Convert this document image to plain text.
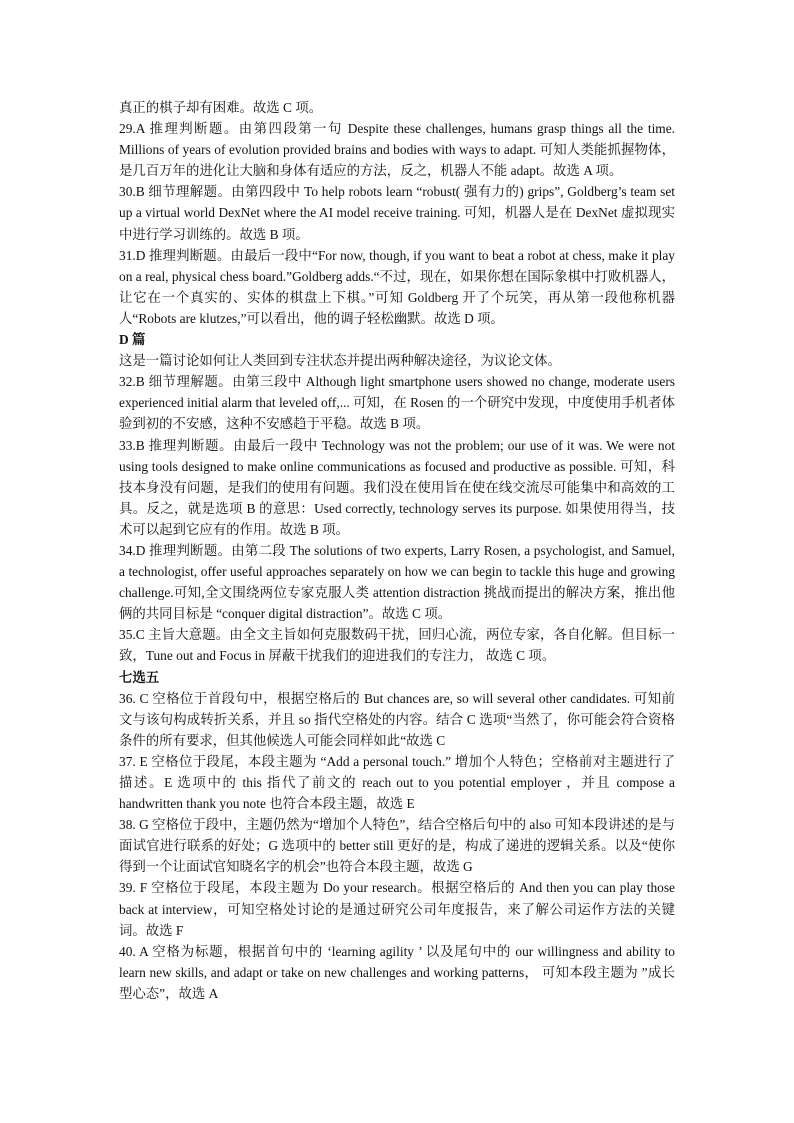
真正的棋子却有困难。故选 C 项。

29.A 推理判断题。由第四段第一句 Despite these challenges, humans grasp things all the time. Millions of years of evolution provided brains and bodies with ways to adapt. 可知人类能抓握物体，是几百万年的进化让大脑和身体有适应的方法，反之，机器人不能 adapt。故选 A 项。

30.B 细节理解题。由第四段中 To help robots learn “robust( 强有力的) grips”, Goldberg’s team set up a virtual world DexNet where the AI model receive training. 可知，机器人是在 DexNet 虚拟现实中进行学习训练的。故选 B 项。

31.D 推理判断题。由最后一段中“For now, though, if you want to beat a robot at chess, make it play on a real, physical chess board.”Goldberg adds.“不过，现在，如果你想在国际象棋中打败机器人，让它在一个真实的、实体的棋盘上下棋。”可知 Goldberg 开了个玩笑，再从第一段他称机器人“Robots are klutzes,”可以看出，他的调子轻松幽默。故选 D 项。

D 篇

这是一篇讨论如何让人类回到专注状态并提出两种解决途径，为议论文体。

32.B 细节理解题。由第三段中 Although light smartphone users showed no change, moderate users experienced initial alarm that leveled off,... 可知，在 Rosen 的一个研究中发现，中度使用手机者体验到初的不安感，这种不安感趋于平稳。故选 B 项。

33.B 推理判断题。由最后一段中 Technology was not the problem; our use of it was. We were not using tools designed to make online communications as focused and productive as possible. 可知，科技本身没有问题，是我们的使用有问题。我们没在使用旨在使在线交流尽可能集中和高效的工具。反之，就是选项 B 的意思：Used correctly, technology serves its purpose. 如果使用得当，技术可以起到它应有的作用。故选 B 项。

34.D 推理判断题。由第二段 The solutions of two experts, Larry Rosen, a psychologist, and Samuel, a technologist, offer useful approaches separately on how we can begin to tackle this huge and growing challenge.可知,全文围绕两位专家克服人类 attention distraction 挑战而提出的解决方案，推出他俩的共同目标是 “conquer digital distraction”。故选 C 项。

35.C 主旨大意题。由全文主旨如何克服数码干扰，回归心流，两位专家，各自化解。但目标一致，Tune out and Focus in 屏蔽干扰我们的迎进我们的专注力， 故选 C 项。

七选五

36. C 空格位于首段句中，根据空格后的 But chances are, so will several other candidates. 可知前文与该句构成转折关系，并且 so 指代空格处的内容。结合 C 选项“当然了，你可能会符合资格条件的所有要求，但其他候选人可能会同样如此“故选 C

37. E 空格位于段尾，本段主题为 “Add a personal touch.” 增加个人特色；空格前对主题进行了描述。E 选项中的 this 指代了前文的 reach out to you potential employer ，并且 compose a handwritten thank you note 也符合本段主题，故选 E

38. G 空格位于段中，主题仍然为“增加个人特色”，结合空格后句中的 also 可知本段讲述的是与面试官进行联系的好处；G 选项中的 better still 更好的是，构成了递进的逻辑关系。以及“使你得到一个让面试官知晓名字的机会”也符合本段主题，故选 G

39. F 空格位于段尾，本段主题为 Do your research。根据空格后的 And then you can play those back at interview，可知空格处讨论的是通过研究公司年度报告，来了解公司运作方法的关键词。故选 F

40. A 空格为标题，根据首句中的 ‘learning agility ’ 以及尾句中的 our willingness and ability to learn new skills, and adapt or take on new challenges and working patterns， 可知本段主题为 ”成长型心态”，故选 A
